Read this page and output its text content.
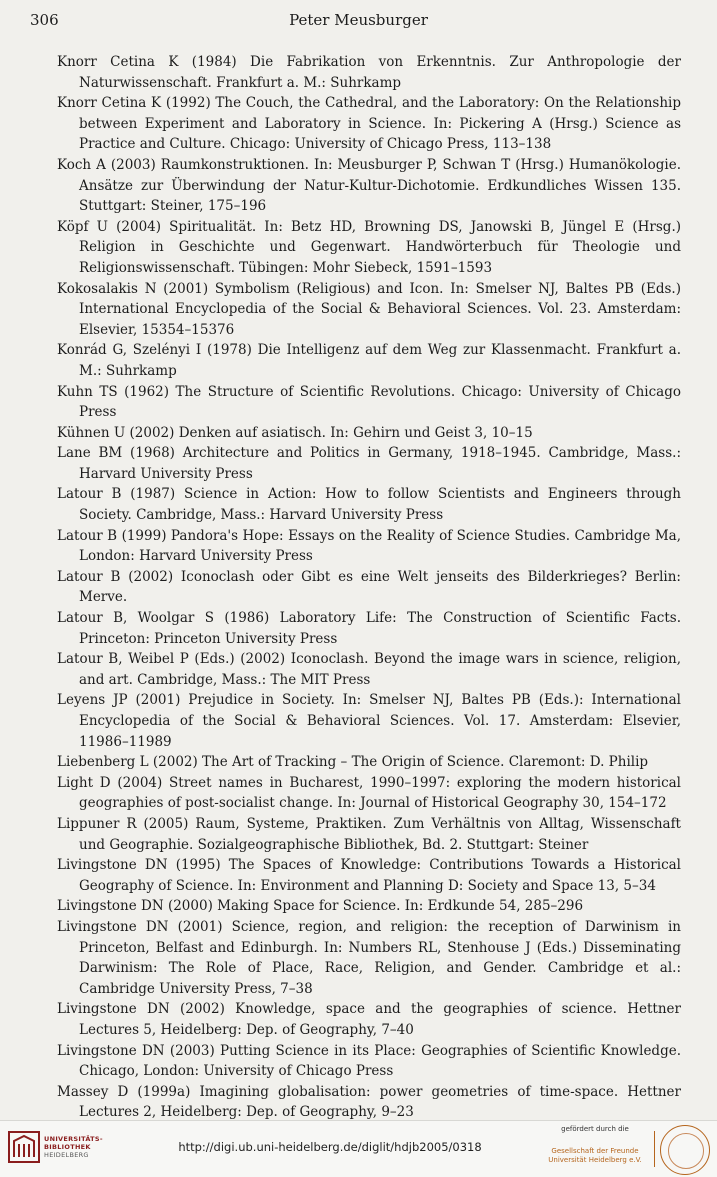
306	Peter Meusburger

Knorr Cetina K (1984) Die Fabrikation von Erkenntnis. Zur Anthropologie der Naturwissenschaft. Frankfurt a. M.: Suhrkamp

Knorr Cetina K (1992) The Couch, the Cathedral, and the Laboratory: On the Relationship between Experiment and Laboratory in Science. In: Pickering A (Hrsg.) Science as Practice and Culture. Chicago: University of Chicago Press, 113–138

Koch A (2003) Raumkonstruktionen. In: Meusburger P, Schwan T (Hrsg.) Humanökologie. Ansätze zur Überwindung der Natur-Kultur-Dichotomie. Erdkundliches Wissen 135. Stuttgart: Steiner, 175–196

Köpf U (2004) Spiritualität. In: Betz HD, Browning DS, Janowski B, Jüngel E (Hrsg.) Religion in Geschichte und Gegenwart. Handwörterbuch für Theologie und Religionswissenschaft. Tübingen: Mohr Siebeck, 1591–1593

Kokosalakis N (2001) Symbolism (Religious) and Icon. In: Smelser NJ, Baltes PB (Eds.) International Encyclopedia of the Social & Behavioral Sciences. Vol. 23. Amsterdam: Elsevier, 15354–15376

Konrád G, Szelényi I (1978) Die Intelligenz auf dem Weg zur Klassenmacht. Frankfurt a. M.: Suhrkamp

Kuhn TS (1962) The Structure of Scientific Revolutions. Chicago: University of Chicago Press

Kühnen U (2002) Denken auf asiatisch. In: Gehirn und Geist 3, 10–15

Lane BM (1968) Architecture and Politics in Germany, 1918–1945. Cambridge, Mass.: Harvard University Press

Latour B (1987) Science in Action: How to follow Scientists and Engineers through Society. Cambridge, Mass.: Harvard University Press

Latour B (1999) Pandora's Hope: Essays on the Reality of Science Studies. Cambridge Ma, London: Harvard University Press

Latour B (2002) Iconoclash oder Gibt es eine Welt jenseits des Bilderkrieges? Berlin: Merve.

Latour B, Woolgar S (1986) Laboratory Life: The Construction of Scientific Facts. Princeton: Princeton University Press

Latour B, Weibel P (Eds.) (2002) Iconoclash. Beyond the image wars in science, religion, and art. Cambridge, Mass.: The MIT Press

Leyens JP (2001) Prejudice in Society. In: Smelser NJ, Baltes PB (Eds.): International Encyclopedia of the Social & Behavioral Sciences. Vol. 17. Amsterdam: Elsevier, 11986–11989

Liebenberg L (2002) The Art of Tracking – The Origin of Science. Claremont: D. Philip

Light D (2004) Street names in Bucharest, 1990–1997: exploring the modern historical geographies of post-socialist change. In: Journal of Historical Geography 30, 154–172

Lippuner R (2005) Raum, Systeme, Praktiken. Zum Verhältnis von Alltag, Wissenschaft und Geographie. Sozialgeographische Bibliothek, Bd. 2. Stuttgart: Steiner

Livingstone DN (1995) The Spaces of Knowledge: Contributions Towards a Historical Geography of Science. In: Environment and Planning D: Society and Space 13, 5–34

Livingstone DN (2000) Making Space for Science. In: Erdkunde 54, 285–296

Livingstone DN (2001) Science, region, and religion: the reception of Darwinism in Princeton, Belfast and Edinburgh. In: Numbers RL, Stenhouse J (Eds.) Disseminating Darwinism: The Role of Place, Race, Religion, and Gender. Cambridge et al.: Cambridge University Press, 7–38

Livingstone DN (2002) Knowledge, space and the geographies of science. Hettner Lectures 5, Heidelberg: Dep. of Geography, 7–40

Livingstone DN (2003) Putting Science in its Place: Geographies of Scientific Knowledge. Chicago, London: University of Chicago Press

Massey D (1999a) Imagining globalisation: power geometries of time-space. Hettner Lectures 2, Heidelberg: Dep. of Geography, 9–23

UNIVERSITÄTS-
BIBLIOTHEK
HEIDELBERG
http://digi.ub.uni-heidelberg.de/diglit/hdjb2005/0318
gefördert durch die
Gesellschaft der Freunde
Universität Heidelberg e.V.
